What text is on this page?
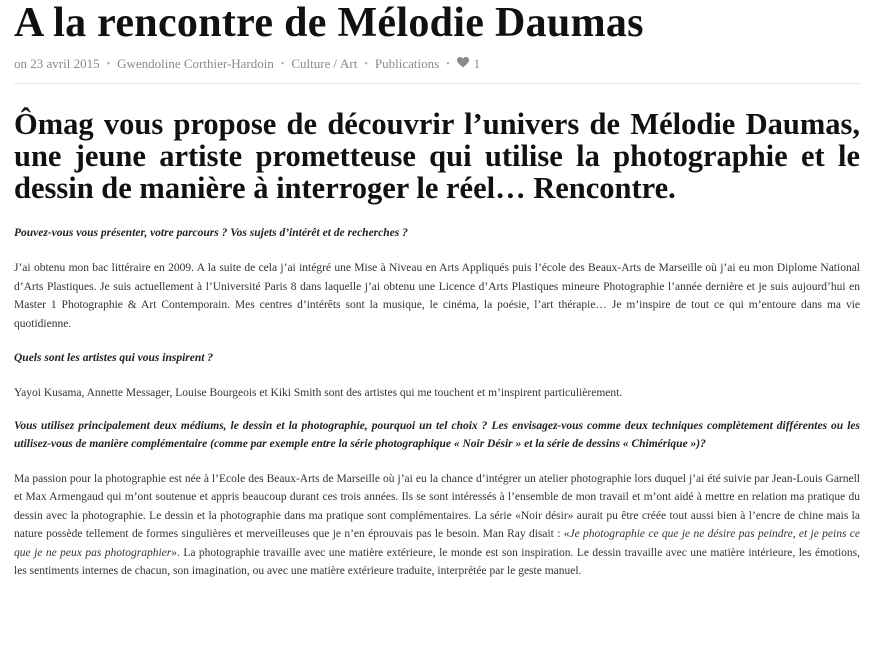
A la rencontre de Mélodie Daumas
on 23 avril 2015 • Gwendoline Corthier-Hardoin • Culture / Art • Publications • 1

Ômag vous propose de découvrir l’univers de Mélodie Daumas, une jeune artiste prometteuse qui utilise la photographie et le dessin de manière à interroger le réel… Rencontre.

Pouvez-vous vous présenter, votre parcours ? Vos sujets d’intérêt et de recherches ?

J’ai obtenu mon bac littéraire en 2009. A la suite de cela j’ai intégré une Mise à Niveau en Arts Appliqués puis l’école des Beaux-Arts de Marseille où j’ai eu mon Diplome National d’Arts Plastiques. Je suis actuellement à l’Université Paris 8 dans laquelle j’ai obtenu une Licence d’Arts Plastiques mineure Photographie l’année dernière et je suis aujourd’hui en Master 1 Photographie & Art Contemporain. Mes centres d’intérêts sont la musique, le cinéma, la poésie, l’art thérapie… Je m’inspire de tout ce qui m’entoure dans ma vie quotidienne.

Quels sont les artistes qui vous inspirent ?

Yayoi Kusama, Annette Messager, Louise Bourgeois et Kiki Smith sont des artistes qui me touchent et m’inspirent particulièrement.

Vous utilisez principalement deux médiums, le dessin et la photographie, pourquoi un tel choix ? Les envisagez-vous comme deux techniques complètement différentes ou les utilisez-vous de manière complémentaire (comme par exemple entre la série photographique « Noir Désir » et la série de dessins « Chimérique »)?

Ma passion pour la photographie est née à l’Ecole des Beaux-Arts de Marseille où j’ai eu la chance d’intégrer un atelier photographie lors duquel j’ai été suivie par Jean-Louis Garnell et Max Armengaud qui m’ont soutenue et appris beaucoup durant ces trois années. Ils se sont intéressés à l’ensemble de mon travail et m’ont aidé à mettre en relation ma pratique du dessin avec la photographie. Le dessin et la photographie dans ma pratique sont complémentaires. La série «Noir désir» aurait pu être créée tout aussi bien à l’encre de chine mais la nature possède tellement de formes singulières et merveilleuses que je n’en éprouvais pas le besoin. Man Ray disait : «Je photographie ce que je ne désire pas peindre, et je peins ce que je ne peux pas photographier». La photographie travaille avec une matière extérieure, le monde est son inspiration. Le dessin travaille avec une matière intérieure, les émotions, les sentiments internes de chacun, son imagination, ou avec une matière extérieure traduite, interprétée par le geste manuel.
